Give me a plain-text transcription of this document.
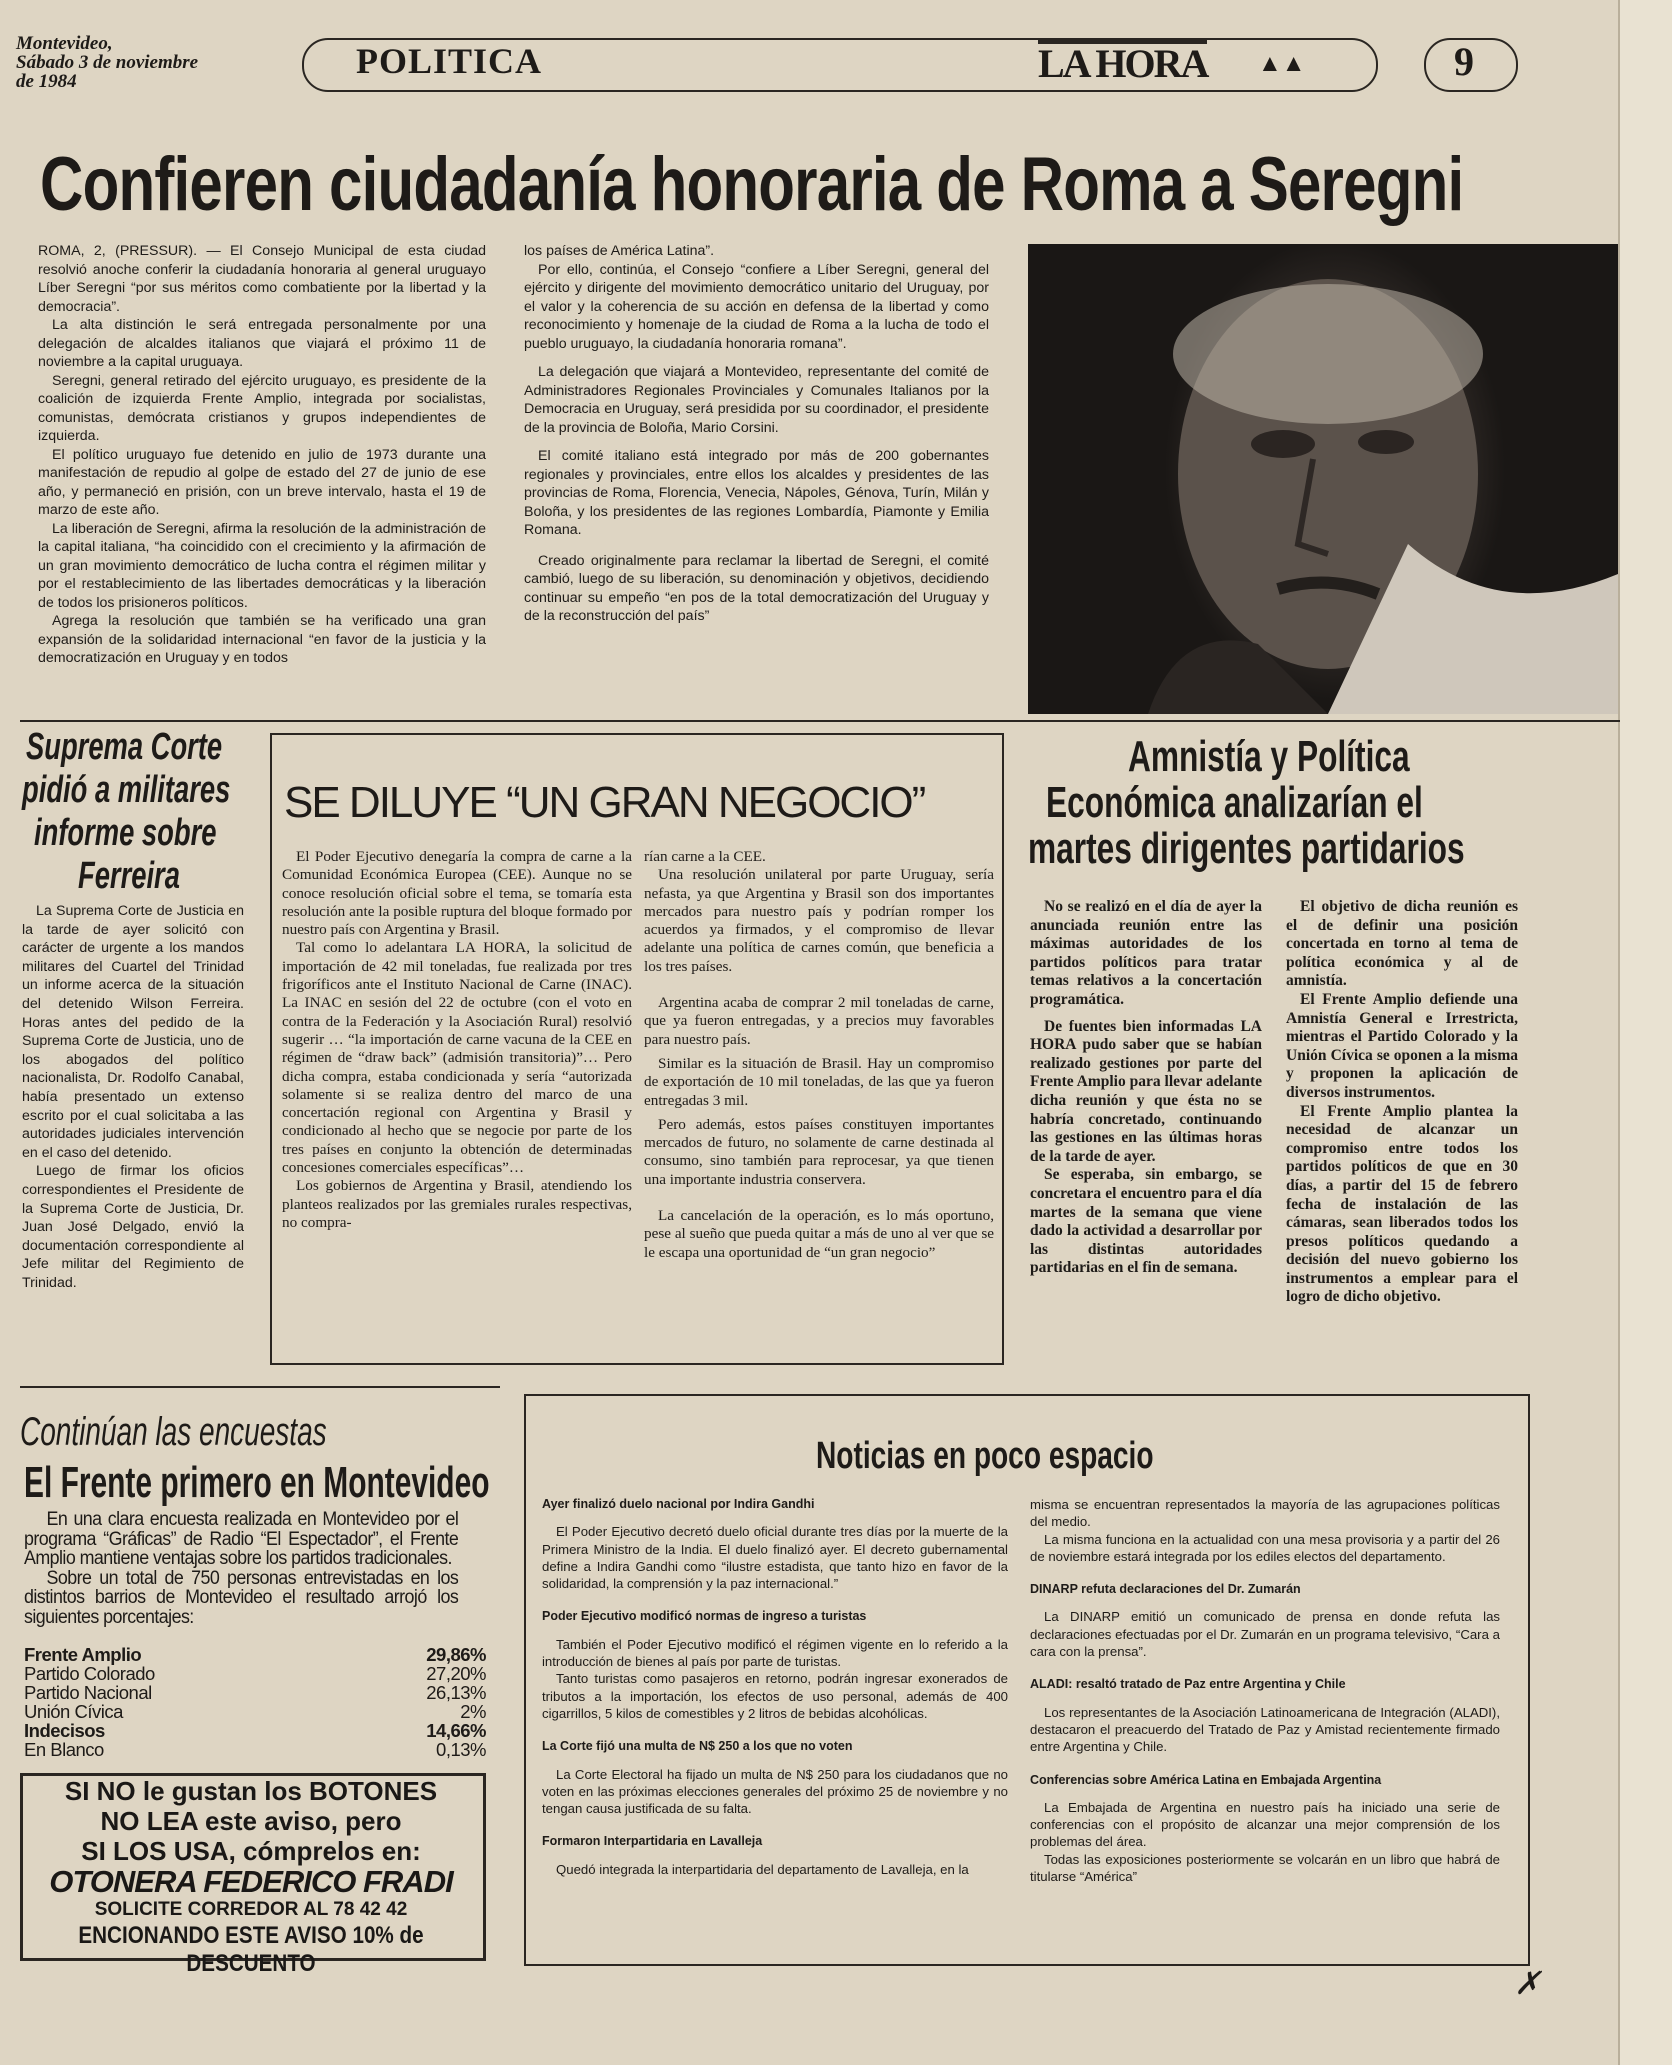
Montevideo,
Sábado 3 de noviembre
de 1984
POLITICA	LA HORA ▲▲	9
Confieren ciudadanía honoraria de Roma a Seregni

ROMA, 2, (PRESSUR). — El Consejo Municipal de esta ciudad resolvió anoche conferir la ciudadanía honoraria al general uruguayo Líber Seregni “por sus méritos como combatiente por la libertad y la democracia”.

La alta distinción le será entregada personalmente por una delegación de alcaldes italianos que viajará el próximo 11 de noviembre a la capital uruguaya.

Seregni, general retirado del ejército uruguayo, es presidente de la coalición de izquierda Frente Amplio, integrada por socialistas, comunistas, demócrata cristianos y grupos independientes de izquierda.

El político uruguayo fue detenido en julio de 1973 durante una manifestación de repudio al golpe de estado del 27 de junio de ese año, y permaneció en prisión, con un breve intervalo, hasta el 19 de marzo de este año.

La liberación de Seregni, afirma la resolución de la administración de la capital italiana, “ha coincidido con el crecimiento y la afirmación de un gran movimiento democrático de lucha contra el régimen militar y por el restablecimiento de las libertades democráticas y la liberación de todos los prisioneros políticos.

Agrega la resolución que también se ha verificado una gran expansión de la solidaridad internacional “en favor de la justicia y la democratización en Uruguay y en todos

los países de América Latina”.

Por ello, continúa, el Consejo “confiere a Líber Seregni, general del ejército y dirigente del movimiento democrático unitario del Uruguay, por el valor y la coherencia de su acción en defensa de la libertad y como reconocimiento y homenaje de la ciudad de Roma a la lucha de todo el pueblo uruguayo, la ciudadanía honoraria romana”.

La delegación que viajará a Montevideo, representante del comité de Administradores Regionales Provinciales y Comunales Italianos por la Democracia en Uruguay, será presidida por su coordinador, el presidente de la provincia de Boloña, Mario Corsini.

El comité italiano está integrado por más de 200 gobernantes regionales y provinciales, entre ellos los alcaldes y presidentes de las provincias de Roma, Florencia, Venecia, Nápoles, Génova, Turín, Milán y Boloña, y los presidentes de las regiones Lombardía, Piamonte y Emilia Romana.

Creado originalmente para reclamar la libertad de Seregni, el comité cambió, luego de su liberación, su denominación y objetivos, decidiendo continuar su empeño “en pos de la total democratización del Uruguay y de la reconstrucción del país”

Suprema Corte
pidió a militares
informe sobre
Ferreira

La Suprema Corte de Justicia en la tarde de ayer solicitó con carácter de urgente a los mandos militares del Cuartel del Trinidad un informe acerca de la situación del detenido Wilson Ferreira. Horas antes del pedido de la Suprema Corte de Justicia, uno de los abogados del político nacionalista, Dr. Rodolfo Canabal, había presentado un extenso escrito por el cual solicitaba a las autoridades judiciales intervención en el caso del detenido.

Luego de firmar los oficios correspondientes el Presidente de la Suprema Corte de Justicia, Dr. Juan José Delgado, envió la documentación correspondiente al Jefe militar del Regimiento de Trinidad.

SE DILUYE “UN GRAN NEGOCIO”

El Poder Ejecutivo denegaría la compra de carne a la Comunidad Económica Europea (CEE). Aunque no se conoce resolución oficial sobre el tema, se tomaría esta resolución ante la posible ruptura del bloque formado por nuestro país con Argentina y Brasil.

Tal como lo adelantara LA HORA, la solicitud de importación de 42 mil toneladas, fue realizada por tres frigoríficos ante el Instituto Nacional de Carne (INAC). La INAC en sesión del 22 de octubre (con el voto en contra de la Federación y la Asociación Rural) resolvió sugerir … “la importación de carne vacuna de la CEE en régimen de “draw back” (admisión transitoria)”… Pero dicha compra, estaba condicionada y sería “autorizada solamente si se realiza dentro del marco de una concertación regional con Argentina y Brasil y condicionado al hecho que se negocie por parte de los tres países en conjunto la obtención de determinadas concesiones comerciales específicas”…

Los gobiernos de Argentina y Brasil, atendiendo los planteos realizados por las gremiales rurales respectivas, no compra-

rían carne a la CEE.

Una resolución unilateral por parte Uruguay, sería nefasta, ya que Argentina y Brasil son dos importantes mercados para nuestro país y podrían romper los acuerdos ya firmados, y el compromiso de llevar adelante una política de carnes común, que beneficia a los tres países.

Argentina acaba de comprar 2 mil toneladas de carne, que ya fueron entregadas, y a precios muy favorables para nuestro país.

Similar es la situación de Brasil. Hay un compromiso de exportación de 10 mil toneladas, de las que ya fueron entregadas 3 mil.

Pero además, estos países constituyen importantes mercados de futuro, no solamente de carne destinada al consumo, sino también para reprocesar, ya que tienen una importante industria conservera.

La cancelación de la operación, es lo más oportuno, pese al sueño que pueda quitar a más de uno al ver que se le escapa una oportunidad de “un gran negocio”

Amnistía y Política
Económica analizarían el
martes dirigentes partidarios

No se realizó en el día de ayer la anunciada reunión entre las máximas autoridades de los partidos políticos para tratar temas relativos a la concertación programática.

De fuentes bien informadas LA HORA pudo saber que se habían realizado gestiones por parte del Frente Amplio para llevar adelante dicha reunión y que ésta no se habría concretado, continuando las gestiones en las últimas horas de la tarde de ayer.

Se esperaba, sin embargo, se concretara el encuentro para el día martes de la semana que viene dado la actividad a desarrollar por las distintas autoridades partidarias en el fin de semana.

El objetivo de dicha reunión es el de definir una posición concertada en torno al tema de política económica y al de amnistía.

El Frente Amplio defiende una Amnistía General e Irrestricta, mientras el Partido Colorado y la Unión Cívica se oponen a la misma y proponen la aplicación de diversos instrumentos.

El Frente Amplio plantea la necesidad de alcanzar un compromiso entre todos los partidos políticos de que en 30 días, a partir del 15 de febrero fecha de instalación de las cámaras, sean liberados todos los presos políticos quedando a decisión del nuevo gobierno los instrumentos a emplear para el logro de dicho objetivo.

Continúan las encuestas
El Frente primero en Montevideo

En una clara encuesta realizada en Montevideo por el programa “Gráficas” de Radio “El Espectador”, el Frente Amplio mantiene ventajas sobre los partidos tradicionales.

Sobre un total de 750 personas entrevistadas en los distintos barrios de Montevideo el resultado arrojó los siguientes porcentajes:

Frente Amplio	29,86%
Partido Colorado	27,20%
Partido Nacional	26,13%
Unión Cívica	2%
Indecisos	14,66%
En Blanco	0,13%
SI NO le gustan los BOTONES
NO LEA este aviso, pero
SI LOS USA, cómprelos en:
OTONERA FEDERICO FRADI
SOLICITE CORREDOR AL 78 42 42
ENCIONANDO ESTE AVISO 10% de DESCUENTO
Noticias en poco espacio
Ayer finalizó duelo nacional por Indira Gandhi

El Poder Ejecutivo decretó duelo oficial durante tres días por la muerte de la Primera Ministro de la India. El duelo finalizó ayer. El decreto gubernamental define a Indira Gandhi como “ilustre estadista, que tanto hizo en favor de la solidaridad, la comprensión y la paz internacional.”

Poder Ejecutivo modificó normas de ingreso a turistas

También el Poder Ejecutivo modificó el régimen vigente en lo referido a la introducción de bienes al país por parte de turistas.

Tanto turistas como pasajeros en retorno, podrán ingresar exonerados de tributos a la importación, los efectos de uso personal, además de 400 cigarrillos, 5 kilos de comestibles y 2 litros de bebidas alcohólicas.

La Corte fijó una multa de N$ 250 a los que no voten

La Corte Electoral ha fijado un multa de N$ 250 para los ciudadanos que no voten en las próximas elecciones generales del próximo 25 de noviembre y no tengan causa justificada de su falta.

Formaron Interpartidaria en Lavalleja

Quedó integrada la interpartidaria del departamento de Lavalleja, en la

misma se encuentran representados la mayoría de las agrupaciones políticas del medio.

La misma funciona en la actualidad con una mesa provisoria y a partir del 26 de noviembre estará integrada por los ediles electos del departamento.

DINARP refuta declaraciones del Dr. Zumarán

La DINARP emitió un comunicado de prensa en donde refuta las declaraciones efectuadas por el Dr. Zumarán en un programa televisivo, “Cara a cara con la prensa”.

ALADI: resaltó tratado de Paz entre Argentina y Chile

Los representantes de la Asociación Latinoamericana de Integración (ALADI), destacaron el preacuerdo del Tratado de Paz y Amistad recientemente firmado entre Argentina y Chile.

Conferencias sobre América Latina en Embajada Argentina

La Embajada de Argentina en nuestro país ha iniciado una serie de conferencias con el propósito de alcanzar una mejor comprensión de los problemas del área.

Todas las exposiciones posteriormente se volcarán en un libro que habrá de titularse “América”

✗
